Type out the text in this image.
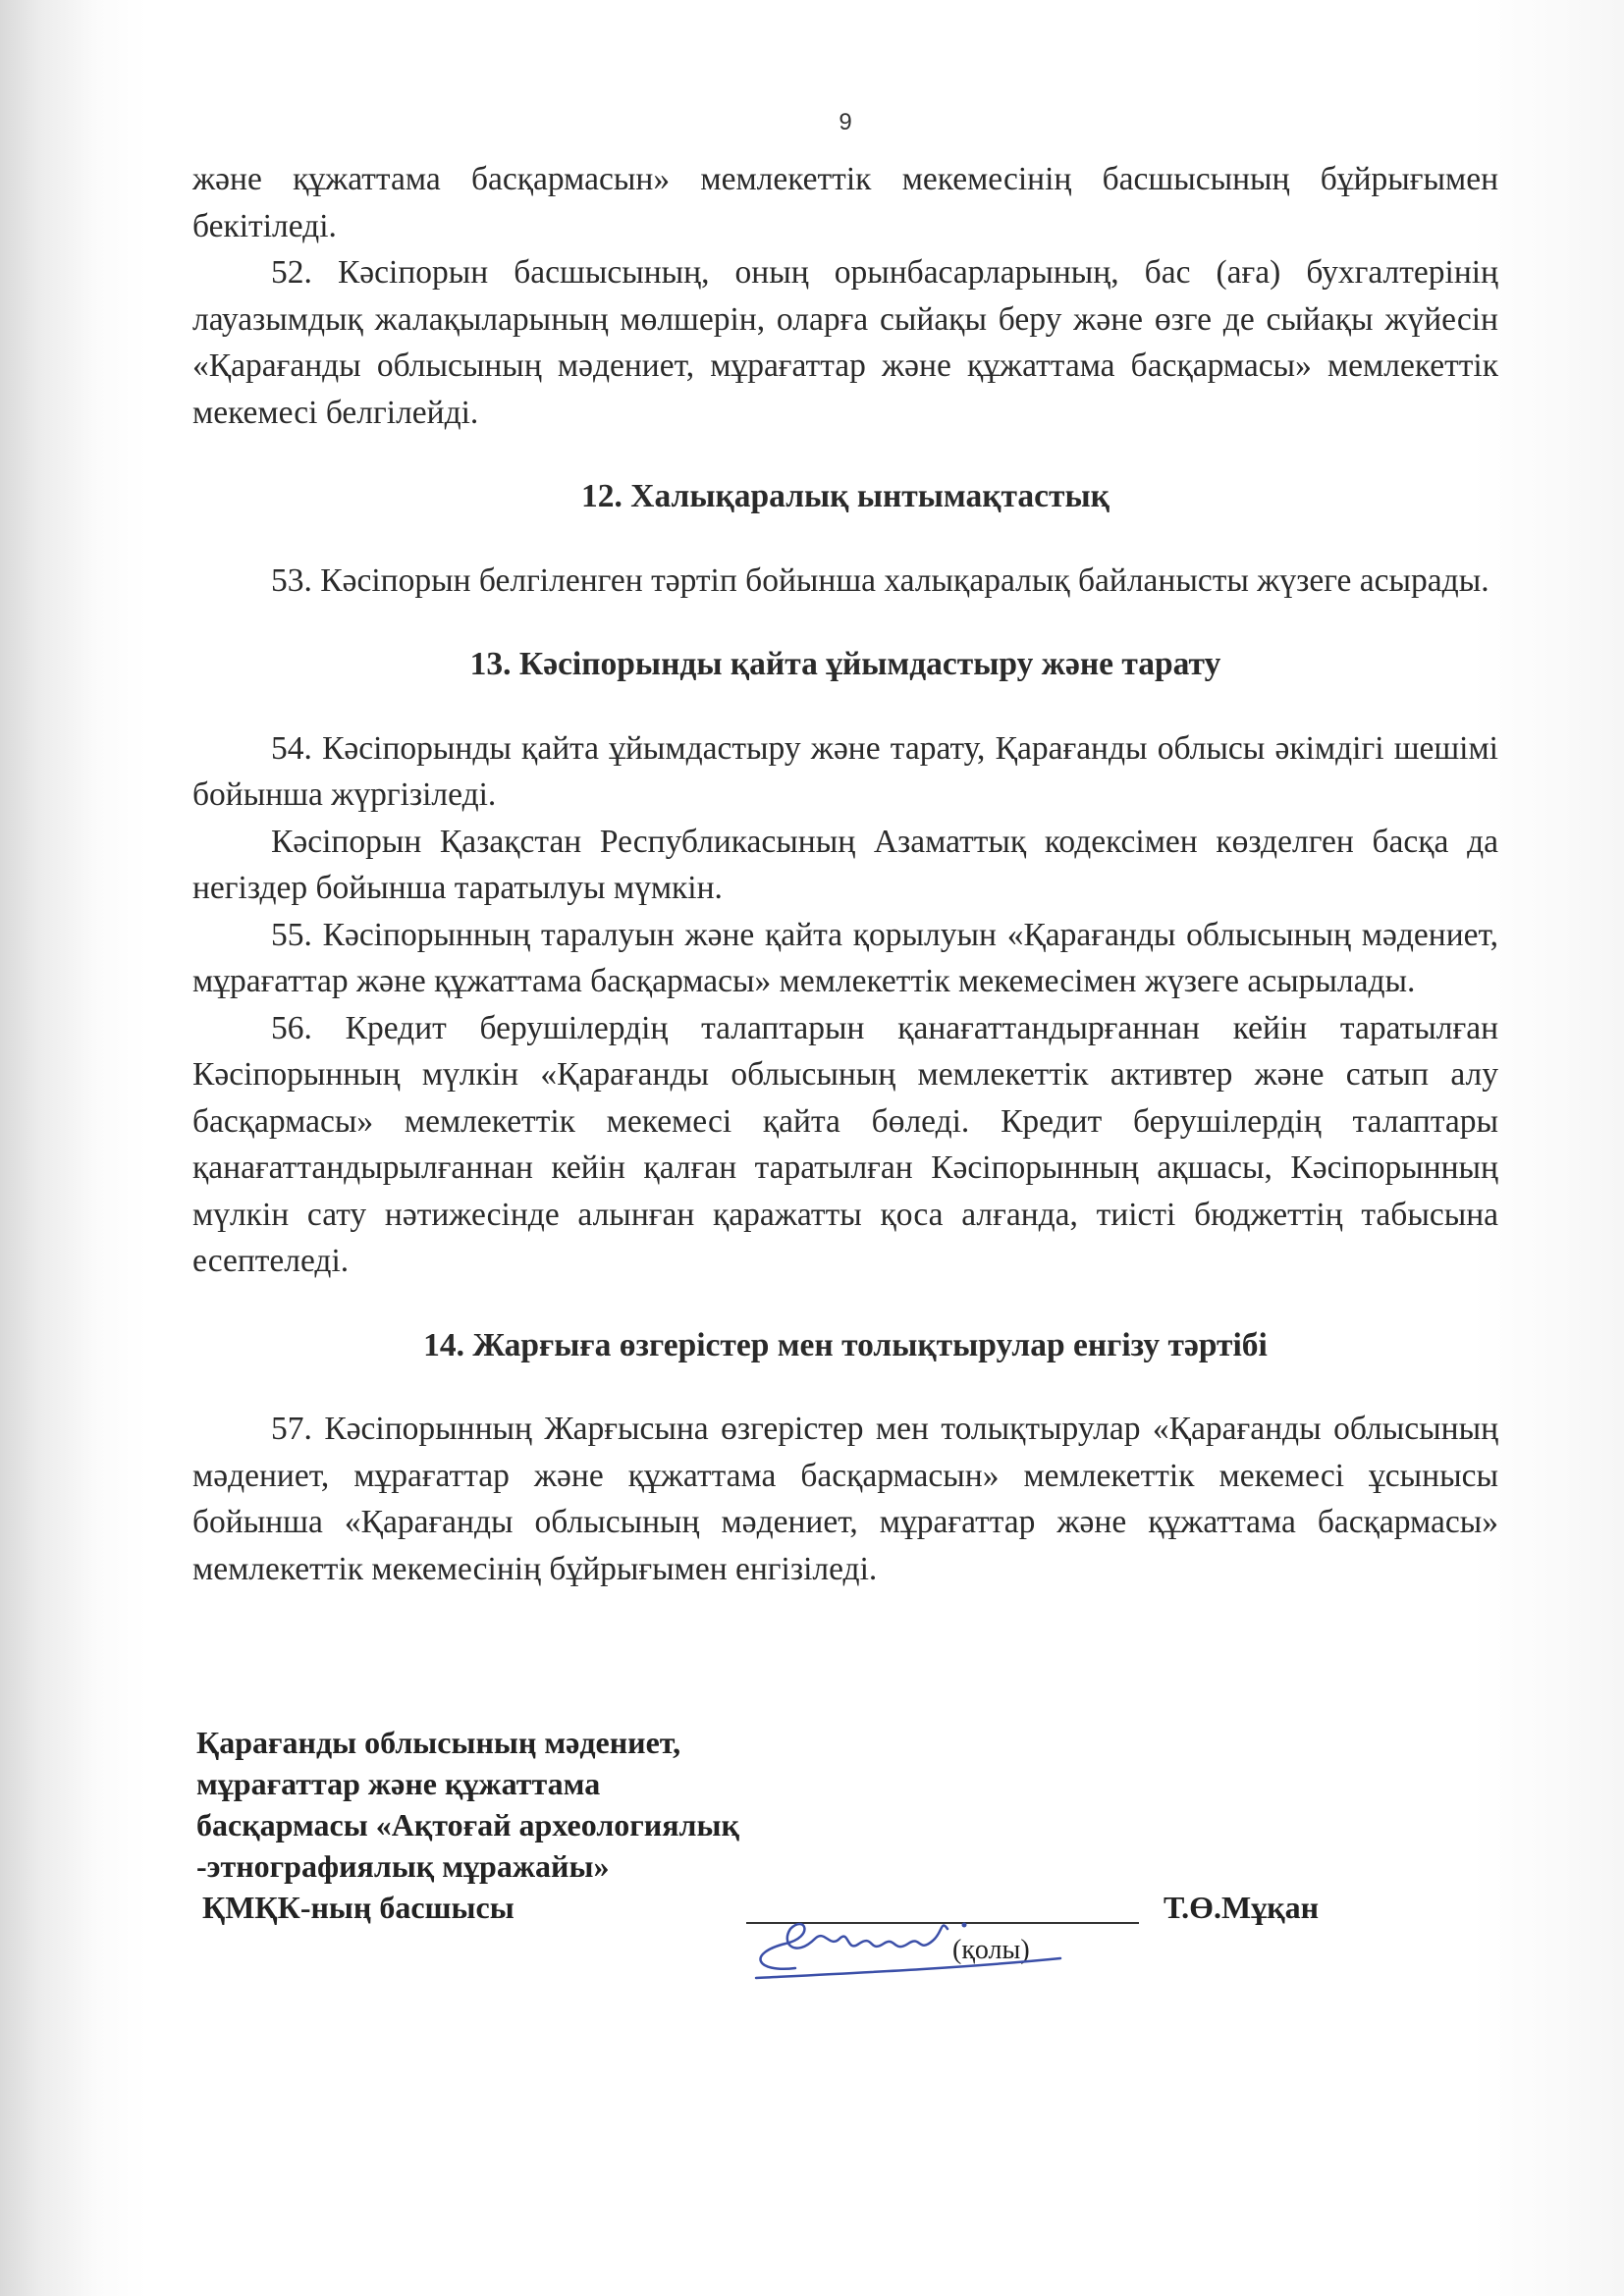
9

және құжаттама басқармасын» мемлекеттік мекемесінің басшысының бұйрығымен бекітіледі.

52. Кәсіпорын басшысының, оның орынбасарларының, бас (аға) бухгалтерінің лауазымдық жалақыларының мөлшерін, оларға сыйақы беру және өзге де сыйақы жүйесін «Қарағанды облысының мәдениет, мұрағаттар және құжаттама басқармасы» мемлекеттік мекемесі белгілейді.

12. Халықаралық ынтымақтастық

53. Кәсіпорын белгіленген тәртіп бойынша халықаралық байланысты жүзеге асырады.

13. Кәсіпорынды қайта ұйымдастыру және тарату

54. Кәсіпорынды қайта ұйымдастыру және тарату, Қарағанды облысы әкімдігі шешімі бойынша жүргізіледі.

Кәсіпорын Қазақстан Республикасының Азаматтық кодексімен көзделген басқа да негіздер бойынша таратылуы мүмкін.

55. Кәсіпорынның таралуын және қайта қорылуын «Қарағанды облысының мәдениет, мұрағаттар және құжаттама басқармасы» мемлекеттік мекемесімен жүзеге асырылады.

56. Кредит берушілердің талаптарын қанағаттандырғаннан кейін таратылған Кәсіпорынның мүлкін «Қарағанды облысының мемлекеттік активтер және сатып алу басқармасы» мемлекеттік мекемесі қайта бөледі. Кредит берушілердің талаптары қанағаттандырылғаннан кейін қалған таратылған Кәсіпорынның ақшасы, Кәсіпорынның мүлкін сату нәтижесінде алынған қаражатты қоса алғанда, тиісті бюджеттің табысына есептеледі.

14. Жарғыға өзгерістер мен толықтырулар енгізу тәртібі

57. Кәсіпорынның Жарғысына өзгерістер мен толықтырулар «Қарағанды облысының мәдениет, мұрағаттар және құжаттама басқармасын» мемлекеттік мекемесі ұсынысы бойынша «Қарағанды облысының мәдениет, мұрағаттар және құжаттама басқармасы» мемлекеттік мекемесінің бұйрығымен енгізіледі.

Қарағанды облысының мәдениет,
мұрағаттар және құжаттама
басқармасы «Ақтоғай археологиялық
-этнографиялық мұражайы»
ҚМҚК-ның басшысы	Т.Ө.Мұқан
(қолы)
